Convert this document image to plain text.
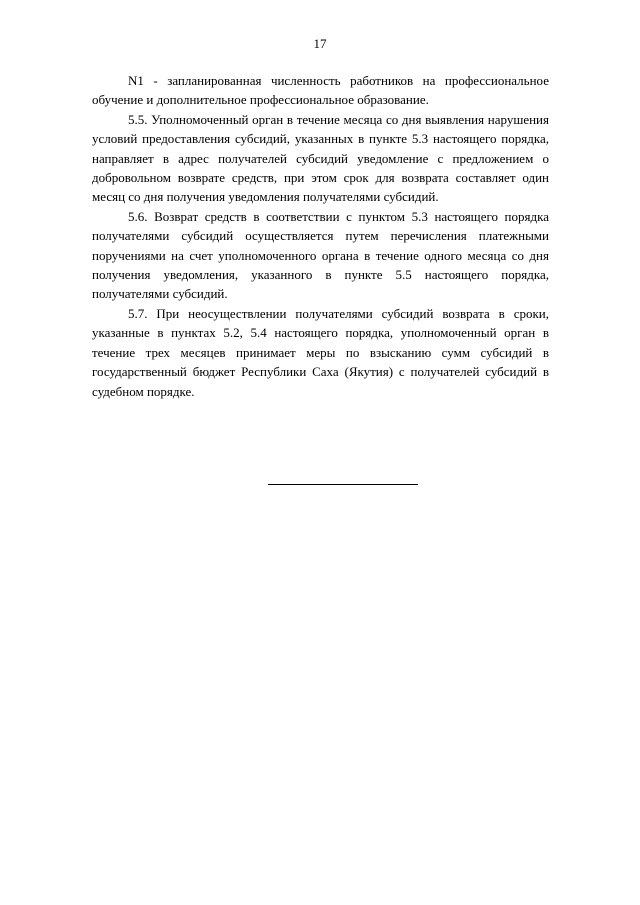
17

N1 - запланированная численность работников на профессиональное обучение и дополнительное профессиональное образование.

5.5. Уполномоченный орган в течение месяца со дня выявления нарушения условий предоставления субсидий, указанных в пункте 5.3 настоящего порядка, направляет в адрес получателей субсидий уведомление с предложением о добровольном возврате средств, при этом срок для возврата составляет один месяц со дня получения уведомления получателями субсидий.

5.6. Возврат средств в соответствии с пунктом 5.3 настоящего порядка получателями субсидий осуществляется путем перечисления платежными поручениями на счет уполномоченного органа в течение одного месяца со дня получения уведомления, указанного в пункте 5.5 настоящего порядка, получателями субсидий.

5.7. При неосуществлении получателями субсидий возврата в сроки, указанные в пунктах 5.2, 5.4 настоящего порядка, уполномоченный орган в течение трех месяцев принимает меры по взысканию сумм субсидий в государственный бюджет Республики Саха (Якутия) с получателей субсидий в судебном порядке.
